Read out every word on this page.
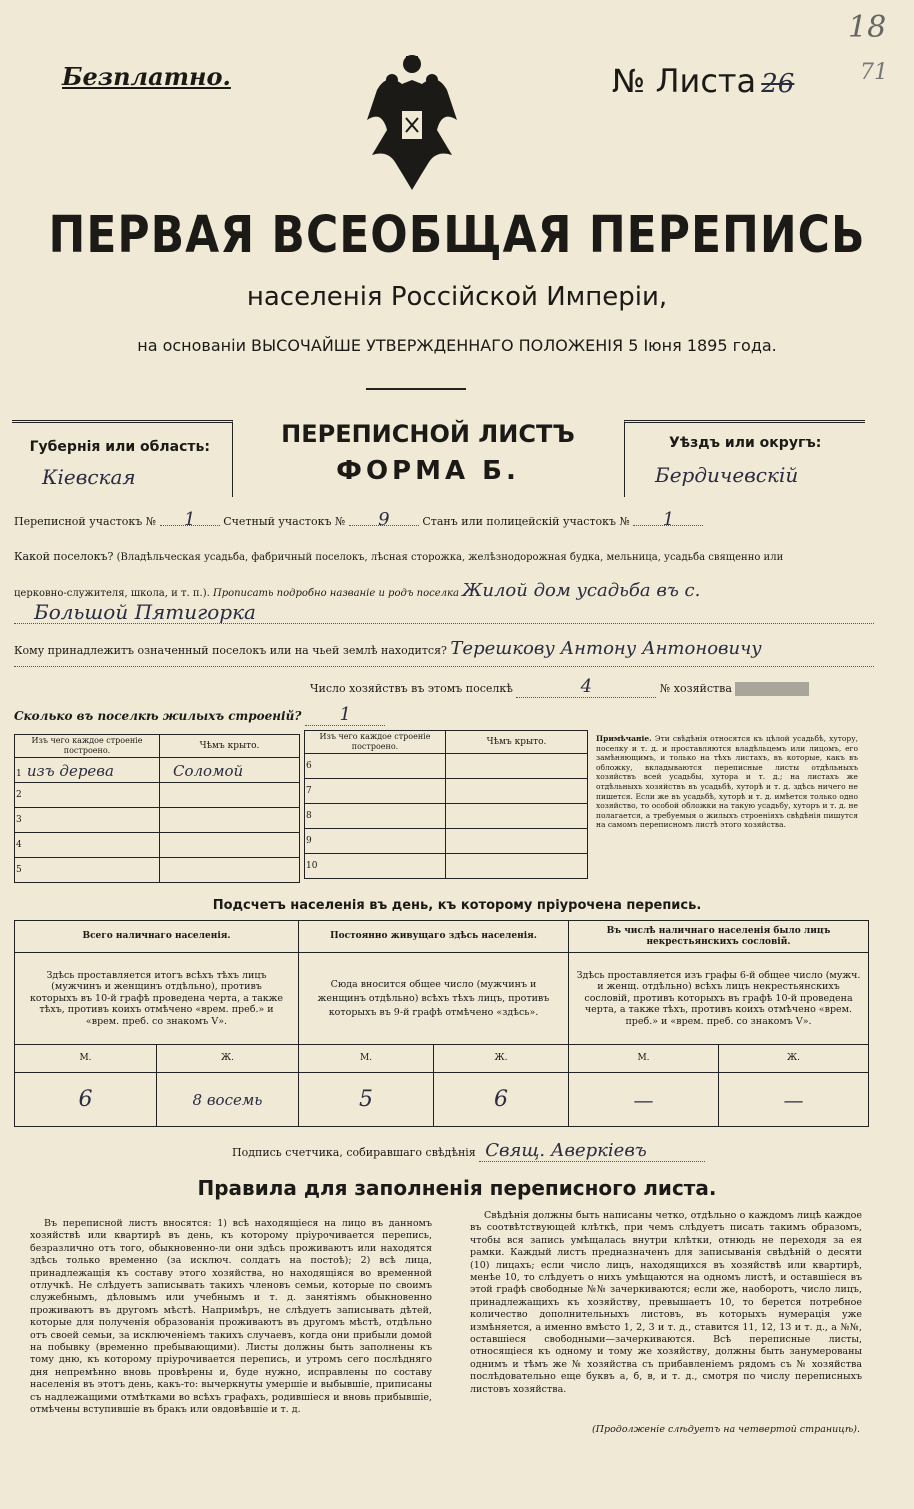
Безплатно.	№ Листа 26
18
71
ПЕРВАЯ ВСЕОБЩАЯ ПЕРЕПИСЬ
населенія Россійской Имперіи,
на основаніи ВЫСОЧАЙШЕ УТВЕРЖДЕННАГО ПОЛОЖЕНІЯ 5 Іюня 1895 года.
Губернія или область:
Кіевская
ПЕРЕПИСНОЙ ЛИСТЪ
ФОРМА Б.
Уѣздъ или округъ:
Бердичевскій
Переписной участокъ № 1	Счетный участокъ № 9	Станъ или полицейскій участокъ № 1
Какой поселокъ? (Владѣльческая усадьба, фабричный поселокъ, лѣсная сторожка, желѣзнодорожная будка, мельница, усадьба священно или
церковно-служителя, школа, и т. п.). Прописать подробно названіе и родъ поселка Жилой дом усадьба въ с.
Большой Пятигорка
Кому принадлежитъ означенный поселокъ или на чьей землѣ находится? Терешкову Антону Антоновичу
Число хозяйствъ въ этомъ поселкѣ	4	№ хозяйства
Сколько въ поселкѣ жилыхъ строеній? 1
Изъ чего каждое строеніе построено.	Чѣмъ крыто.
1 изъ дерева	Соломой
2	
3	
4	
5	
Изъ чего каждое строеніе построено.	Чѣмъ крыто.
6	
7	
8	
9	
10	
Примѣчаніе. Эти свѣдѣнія относятся къ цѣлой усадьбѣ, хутору, поселку и т. д. и проставляются владѣльцемъ или лицомъ, его замѣняющимъ, и только на тѣхъ листахъ, въ которые, какъ въ обложку, вкладываются переписные листы отдѣльныхъ хозяйствъ всей усадьбы, хутора и т. д.; на листахъ же отдѣльныхъ хозяйствъ въ усадьбѣ, хуторѣ и т. д. здѣсь ничего не пишется. Если же въ усадьбѣ, хуторѣ и т. д. имѣется только одно хозяйство, то особой обложки на такую усадьбу, хуторъ и т. д. не полагается, а требуемыя о жилыхъ строеніяхъ свѣдѣнія пишутся на самомъ переписномъ листѣ этого хозяйства.
Подсчетъ населенія въ день, къ которому пріурочена перепись.
Всего наличнаго населенія.		Постоянно живущаго здѣсь населенія.		Въ числѣ наличнаго населенія было лицъ некрестьянскихъ сословій.	
Здѣсь проставляется итогъ всѣхъ тѣхъ лицъ (мужчинъ и женщинъ отдѣльно), противъ которыхъ въ 10-й графѣ проведена черта, а также тѣхъ, противъ коихъ отмѣчено «врем. преб.» и «врем. преб. со знакомъ V».		Сюда вносится общее число (мужчинъ и женщинъ отдѣльно) всѣхъ тѣхъ лицъ, противъ которыхъ въ 9-й графѣ отмѣчено «здѣсь».		Здѣсь проставляется изъ графы 6-й общее число (мужч. и женщ. отдѣльно) всѣхъ лицъ некрестьянскихъ сословій, противъ которыхъ въ графѣ 10-й проведена черта, а также тѣхъ, противъ коихъ отмѣчено «врем. преб.» и «врем. преб. со знакомъ V».	
М.	Ж.	М.	Ж.	М.	Ж.
6	8 восемь	5	6	—	—
Подпись счетчика, собиравшаго свѣдѣнія Свящ. Аверкіевъ
Правила для заполненія переписного листа.
Въ переписной листъ вносятся: 1) всѣ находящіеся на лицо въ данномъ хозяйствѣ или квартирѣ въ день, къ которому пріурочивается перепись, безразлично отъ того, обыкновенно-ли они здѣсь проживаютъ или находятся здѣсь только временно (за исключ. солдатъ на постоѣ); 2) всѣ лица, принадлежащія къ составу этого хозяйства, но находящіяся во временной отлучкѣ. Не слѣдуетъ записывать такихъ членовъ семьи, которые по своимъ служебнымъ, дѣловымъ или учебнымъ и т. д. занятіямъ обыкновенно проживаютъ въ другомъ мѣстѣ. Напримѣръ, не слѣдуетъ записывать дѣтей, которые для полученія образованія проживаютъ въ другомъ мѣстѣ, отдѣльно отъ своей семьи, за исключеніемъ такихъ случаевъ, когда они прибыли домой на побывку (временно пребывающими). Листы должны быть заполнены къ тому дню, къ которому пріурочивается перепись, и утромъ сего послѣдняго дня непремѣнно вновь провѣрены и, буде нужно, исправлены по составу населенія въ этотъ день, какъ-то: вычеркнуты умершіе и выбывшіе, приписаны съ надлежащими отмѣтками во всѣхъ графахъ, родившіеся и вновь прибывшіе, отмѣчены вступившіе въ бракъ или овдовѣвшіе и т. д.
Свѣдѣнія должны быть написаны четко, отдѣльно о каждомъ лицѣ каждое въ соотвѣтствующей клѣткѣ, при чемъ слѣдуетъ писать такимъ образомъ, чтобы вся запись умѣщалась внутри клѣтки, отнюдь не переходя за ея рамки. Каждый листъ предназначенъ для записыванія свѣдѣній о десяти (10) лицахъ; если число лицъ, находящихся въ хозяйствѣ или квартирѣ, менѣе 10, то слѣдуетъ о нихъ умѣщаются на одномъ листѣ, и оставшіеся въ этой графѣ свободные №№ зачеркиваются; если же, наоборотъ, число лицъ, принадлежащихъ къ хозяйству, превышаетъ 10, то берется потребное количество дополнительныхъ листовъ, въ которыхъ нумерація уже измѣняется, а именно вмѣсто 1, 2, 3 и т. д., ставится 11, 12, 13 и т. д., а №№, оставшіеся свободными—зачеркиваются. Всѣ переписные листы, относящіеся къ одному и тому же хозяйству, должны быть занумерованы однимъ и тѣмъ же № хозяйства съ прибавленіемъ рядомъ съ № хозяйства послѣдовательно еще буквъ а, б, в, и т. д., смотря по числу переписныхъ листовъ хозяйства.
(Продолженіе слѣдуетъ на четвертой страницѣ).
